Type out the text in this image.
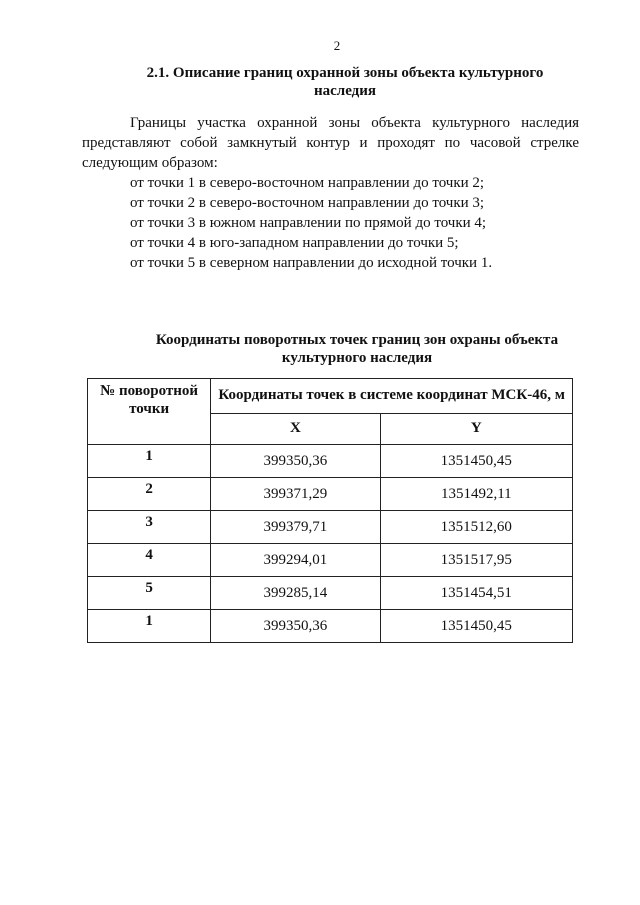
2
2.1. Описание границ охранной зоны объекта культурного наследия
Границы участка охранной зоны объекта культурного наследия представляют собой замкнутый контур и проходят по часовой стрелке следующим образом:
от точки 1 в северо-восточном направлении до точки 2;
от точки 2 в северо-восточном направлении до точки 3;
от точки 3 в южном направлении по прямой до точки 4;
от точки 4 в юго-западном направлении до точки 5;
от точки 5 в северном направлении до исходной точки 1.
Координаты поворотных точек границ зон охраны объекта культурного наследия
№ поворотной точки	Координаты точек в системе координат МСК-46, м	
	X	Y
1	399350,36	1351450,45
2	399371,29	1351492,11
3	399379,71	1351512,60
4	399294,01	1351517,95
5	399285,14	1351454,51
1	399350,36	1351450,45
